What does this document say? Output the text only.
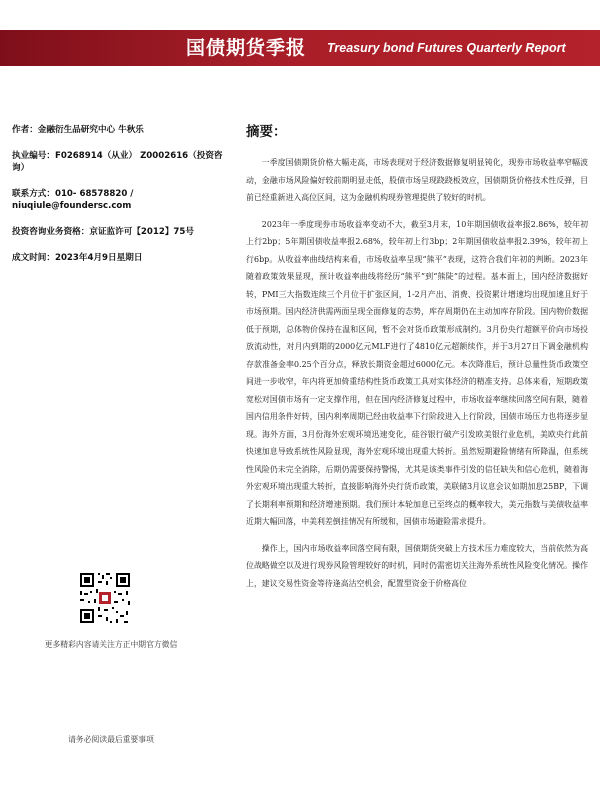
国债期货季报 Treasury bond Futures Quarterly Report
作者：金融衍生品研究中心 牛秋乐
执业编号：F0268914（从业） Z0002616（投资咨询）
联系方式：010- 68578820 / niuqiule@foundersc.com
投资咨询业务资格：京证监许可【2012】75号
成文时间：2023年4月9日星期日
更多精彩内容请关注方正中期官方微信
请务必阅读最后重要事项
摘要：

一季度国债期货价格大幅走高，市场表现对于经济数据修复明显钝化，现券市场收益率窄幅波动，金融市场风险偏好较前期明显走低，股债市场呈现跷跷板效应，国债期货价格技术性反弹，目前已经重新进入高位区间，这为金融机构现券管理提供了较好的时机。

2023年一季度现券市场收益率变动不大，截至3月末，10年期国债收益率报2.86%，较年初上行2bp；5年期国债收益率报2.68%，较年初上行3bp；2年期国债收益率报2.39%，较年初上行6bp。从收益率曲线结构来看，市场收益率呈现“熊平”表现，这符合我们年初的判断。2023年随着政策效果显现，预计收益率曲线将经历“熊平”到“熊陡”的过程。基本面上，国内经济数据好转，PMI三大指数连续三个月位于扩张区间，1-2月产出、消费、投资累计增速均出现加速且好于市场预期。国内经济供需两面呈现全面修复的态势，库存周期仍在主动加库存阶段。国内物价数据低于预期，总体物价保持在温和区间，暂不会对货币政策形成制约。3月份央行超额平价向市场投放流动性，对月内到期的2000亿元MLF进行了4810亿元超额续作，并于3月27日下调金融机构存款准备金率0.25个百分点，释放长期资金超过6000亿元。本次降准后，预计总量性货币政策空间进一步收窄，年内将更加倚重结构性货币政策工具对实体经济的精准支持。总体来看，短期政策宽松对国债市场有一定支撑作用，但在国内经济修复过程中，市场收益率继续回落空间有限，随着国内信用条件好转，国内利率周期已经由收益率下行阶段进入上行阶段，国债市场压力也将逐步显现。海外方面，3月份海外宏观环境迅速变化，硅谷银行破产引发欧美银行业危机，美欧央行此前快速加息导致系统性风险显现，海外宏观环境出现重大转折。虽然短期避险情绪有所降温，但系统性风险仍未完全消除，后期仍需要保持警惕，尤其是该类事件引发的信任缺失和信心危机，随着海外宏观环境出现重大转折，直接影响海外央行货币政策，美联储3月议息会议如期加息25BP，下调了长期利率预期和经济增速预期。我们预计本轮加息已至终点的概率较大，美元指数与美债收益率近期大幅回落，中美利差倒挂情况有所缓和，国债市场避险需求提升。

操作上，国内市场收益率回落空间有限，国债期货突破上方技术压力难度较大，当前依然为高位战略做空以及进行现券风险管理较好的时机，同时仍需密切关注海外系统性风险变化情况。操作上，建议交易性资金等待逢高沽空机会，配置型资金于价格高位
